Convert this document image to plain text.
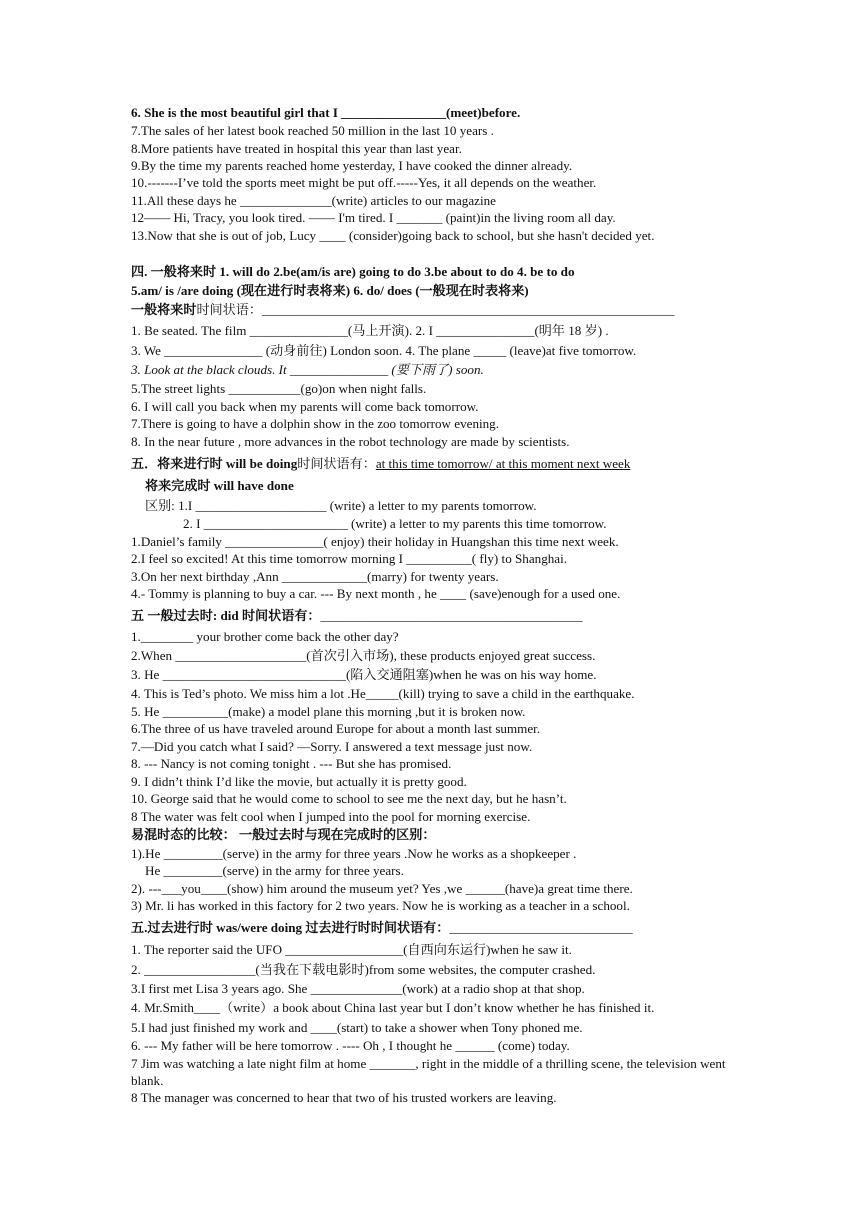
6. She is the most beautiful girl that I ________________(meet)before.
7.The sales of her latest book reached 50 million in the last 10 years .
8.More patients have treated in hospital this year than last year.
9.By the time my parents reached home yesterday, I have cooked the dinner already.
10.-------I’ve told the sports meet might be put off.-----Yes, it all depends on the weather.
11.All these days he ______________(write) articles to our magazine
12—— Hi, Tracy, you look tired. —— I'm tired. I _______ (paint)in the living room all day.
13.Now that she is out of job, Lucy ____ (consider)going back to school, but she hasn't decided yet.
四. 一般将来时 1. will do 2.be(am/is are) going to do 3.be about to do 4. be to do
5.am/ is /are doing (现在进行时表将来) 6. do/ does (一般现在时表将来)
一般将来时时间状语：_______________________________________________________________
1. Be seated. The film _______________(马上开演). 2. I _______________(明年 18 岁) .
3. We _______________ (动身前往) London soon. 4. The plane _____ (leave)at five tomorrow.
3. Look at the black clouds. It _______________ (要下雨了) soon.
5.The street lights ___________(go)on when night falls.
6. I will call you back when my parents will come back tomorrow.
7.There is going to have a dolphin show in the zoo tomorrow evening.
8. In the near future , more advances in the robot technology are made by scientists.
五．将来进行时 will be doing时间状语有：at this time tomorrow/ at this moment next week
将来完成时 will have done
区别: 1.I ____________________ (write) a letter to my parents tomorrow.
2. I ______________________ (write) a letter to my parents this time tomorrow.
1.Daniel’s family _______________( enjoy) their holiday in Huangshan this time next week.
2.I feel so excited! At this time tomorrow morning I __________( fly) to Shanghai.
3.On her next birthday ,Ann _____________(marry) for twenty years.
4.- Tommy is planning to buy a car. --- By next month , he ____ (save)enough for a used one.
五 一般过去时: did 时间状语有：________________________________________
1.________ your brother come back the other day?
2.When ____________________(首次引入市场), these products enjoyed great success.
3. He ____________________________(陷入交通阻塞)when he was on his way home.
4. This is Ted’s photo. We miss him a lot .He_____(kill) trying to save a child in the earthquake.
5. He __________(make) a model plane this morning ,but it is broken now.
6.The three of us have traveled around Europe for about a month last summer.
7.—Did you catch what I said? —Sorry. I answered a text message just now.
8. --- Nancy is not coming tonight . --- But she has promised.
9. I didn’t think I’d like the movie, but actually it is pretty good.
10. George said that he would come to school to see me the next day, but he hasn’t.
8 The water was felt cool when I jumped into the pool for morning exercise.
易混时态的比较： 一般过去时与现在完成时的区别：
1).He _________(serve) in the army for three years .Now he works as a shopkeeper .
He _________(serve) in the army for three years.
2). ---___you____(show) him around the museum yet? Yes ,we ______(have)a great time there.
3) Mr. li has worked in this factory for 2 two years. Now he is working as a teacher in a school.
五.过去进行时 was/were doing 过去进行时时间状语有：____________________________
1. The reporter said the UFO __________________(自西向东运行)when he saw it.
2. _________________(当我在下载电影时)from some websites, the computer crashed.
3.I first met Lisa 3 years ago. She ______________(work) at a radio shop at that shop.
4. Mr.Smith____（write）a book about China last year but I don’t know whether he has finished it.
5.I had just finished my work and ____(start) to take a shower when Tony phoned me.
6. --- My father will be here tomorrow . ---- Oh , I thought he ______ (come) today.
7 Jim was watching a late night film at home _______, right in the middle of a thrilling scene, the television went blank.
8 The manager was concerned to hear that two of his trusted workers are leaving.
